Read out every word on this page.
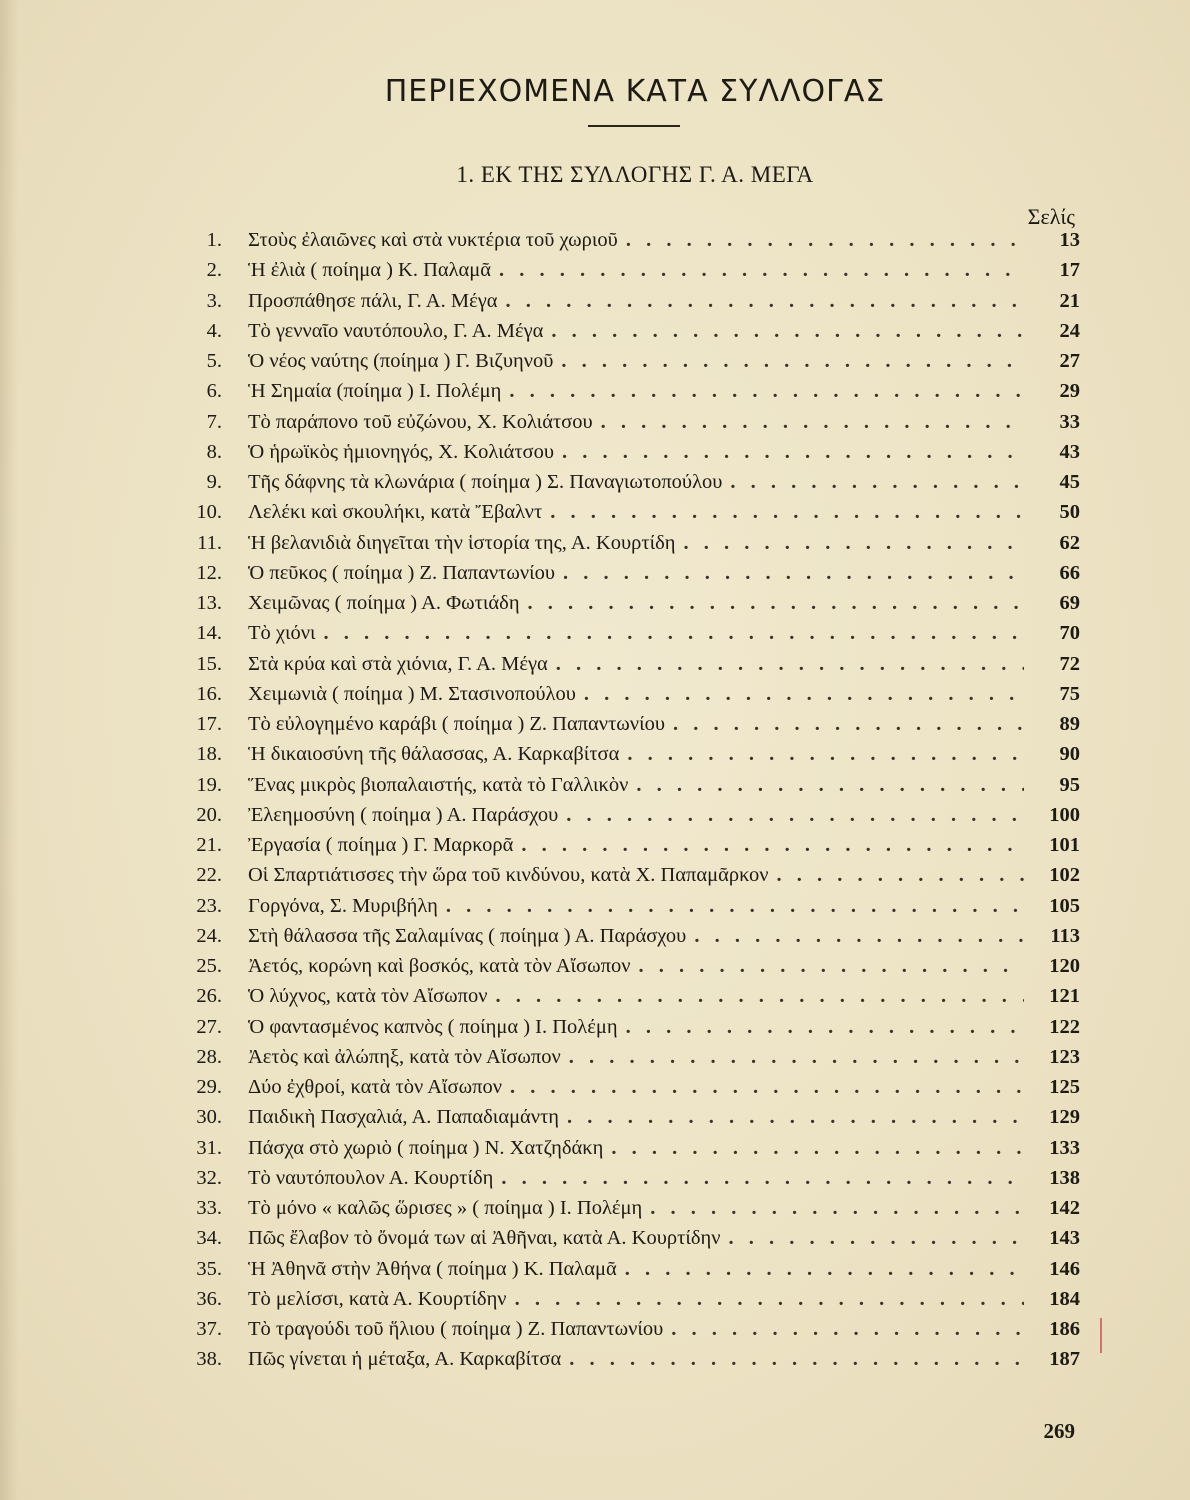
ΠΕΡΙΕΧΟΜΕΝΑ ΚΑΤΑ ΣΥΛΛΟΓΑΣ
1. ΕΚ ΤΗΣ ΣΥΛΛΟΓΗΣ Γ. Α. ΜΕΓΑ
Σελίς
1. Στοὺς ἐλαιῶνες καὶ στὰ νυκτέρια τοῦ χωριοῦ . . .	13
2. Ἡ ἐλιὰ ( ποίημα ) Κ. Παλαμᾶ . . .	17
3. Προσπάθησε πάλι, Γ. Α. Μέγα . . .	21
4. Τὸ γενναῖο ναυτόπουλο, Γ. Α. Μέγα . . .	24
5. Ὁ νέος ναύτης (ποίημα ) Γ. Βιζυηνοῦ . . .	27
6. Ἡ Σημαία (ποίημα ) Ι. Πολέμη . . .	29
7. Τὸ παράπονο τοῦ εὐζώνου, Χ. Κολιάτσου . . .	33
8. Ὁ ἡρωϊκὸς ἡμιονηγός, Χ. Κολιάτσου . . .	43
9. Τῆς δάφνης τὰ κλωνάρια ( ποίημα ) Σ. Παναγιωτοπούλου . . .	45
10. Λελέκι καὶ σκουλήκι, κατὰ Ἔβαλντ . . .	50
11. Ἡ βελανιδιὰ διηγεῖται τὴν ἱστορία της, Α. Κουρτίδη . . .	62
12. Ὁ πεῦκος ( ποίημα ) Ζ. Παπαντωνίου . . .	66
13. Χειμῶνας ( ποίημα ) Α. Φωτιάδη . . .	69
14. Τὸ χιόνι . . .	70
15. Στὰ κρύα καὶ στὰ χιόνια, Γ. Α. Μέγα . . .	72
16. Χειμωνιὰ ( ποίημα ) Μ. Στασινοπούλου . . .	75
17. Τὸ εὐλογημένο καράβι ( ποίημα ) Ζ. Παπαντωνίου . . .	89
18. Ἡ δικαιοσύνη τῆς θάλασσας, Α. Καρκαβίτσα . . .	90
19. Ἕνας μικρὸς βιοπαλαιστής, κατὰ τὸ Γαλλικὸν . . .	95
20. Ἐλεημοσύνη ( ποίημα ) Α. Παράσχου . . .	100
21. Ἐργασία ( ποίημα ) Γ. Μαρκορᾶ . . .	101
22. Οἱ Σπαρτιάτισσες τὴν ὥρα τοῦ κινδύνου, κατὰ Χ. Παπαμᾶρκον . . .	102
23. Γοργόνα, Σ. Μυριβήλη . . .	105
24. Στὴ θάλασσα τῆς Σαλαμίνας ( ποίημα ) Α. Παράσχου . . .	113
25. Ἀετός, κορώνη καὶ βοσκός, κατὰ τὸν Αἴσωπον . . .	120
26. Ὁ λύχνος, κατὰ τὸν Αἴσωπον . . .	121
27. Ὁ φαντασμένος καπνὸς ( ποίημα ) Ι. Πολέμη . . .	122
28. Ἀετὸς καὶ ἀλώπηξ, κατὰ τὸν Αἴσωπον . . .	123
29. Δύο ἐχθροί, κατὰ τὸν Αἴσωπον . . .	125
30. Παιδικὴ Πασχαλιά, Α. Παπαδιαμάντη . . .	129
31. Πάσχα στὸ χωριὸ ( ποίημα ) Ν. Χατζηδάκη . . .	133
32. Τὸ ναυτόπουλον Α. Κουρτίδη . . .	138
33. Τὸ μόνο « καλῶς ὥρισες » ( ποίημα ) Ι. Πολέμη . . .	142
34. Πῶς ἔλαβον τὸ ὄνομά των αἱ Ἀθῆναι, κατὰ Α. Κουρτίδην . . .	143
35. Ἡ Ἀθηνᾶ στὴν Ἀθήνα ( ποίημα ) Κ. Παλαμᾶ . . .	146
36. Τὸ μελίσσι, κατὰ Α. Κουρτίδην . . .	184
37. Τὸ τραγούδι τοῦ ἥλιου ( ποίημα ) Ζ. Παπαντωνίου . . .	186
38. Πῶς γίνεται ἡ μέταξα, Α. Καρκαβίτσα . . .	187
269
